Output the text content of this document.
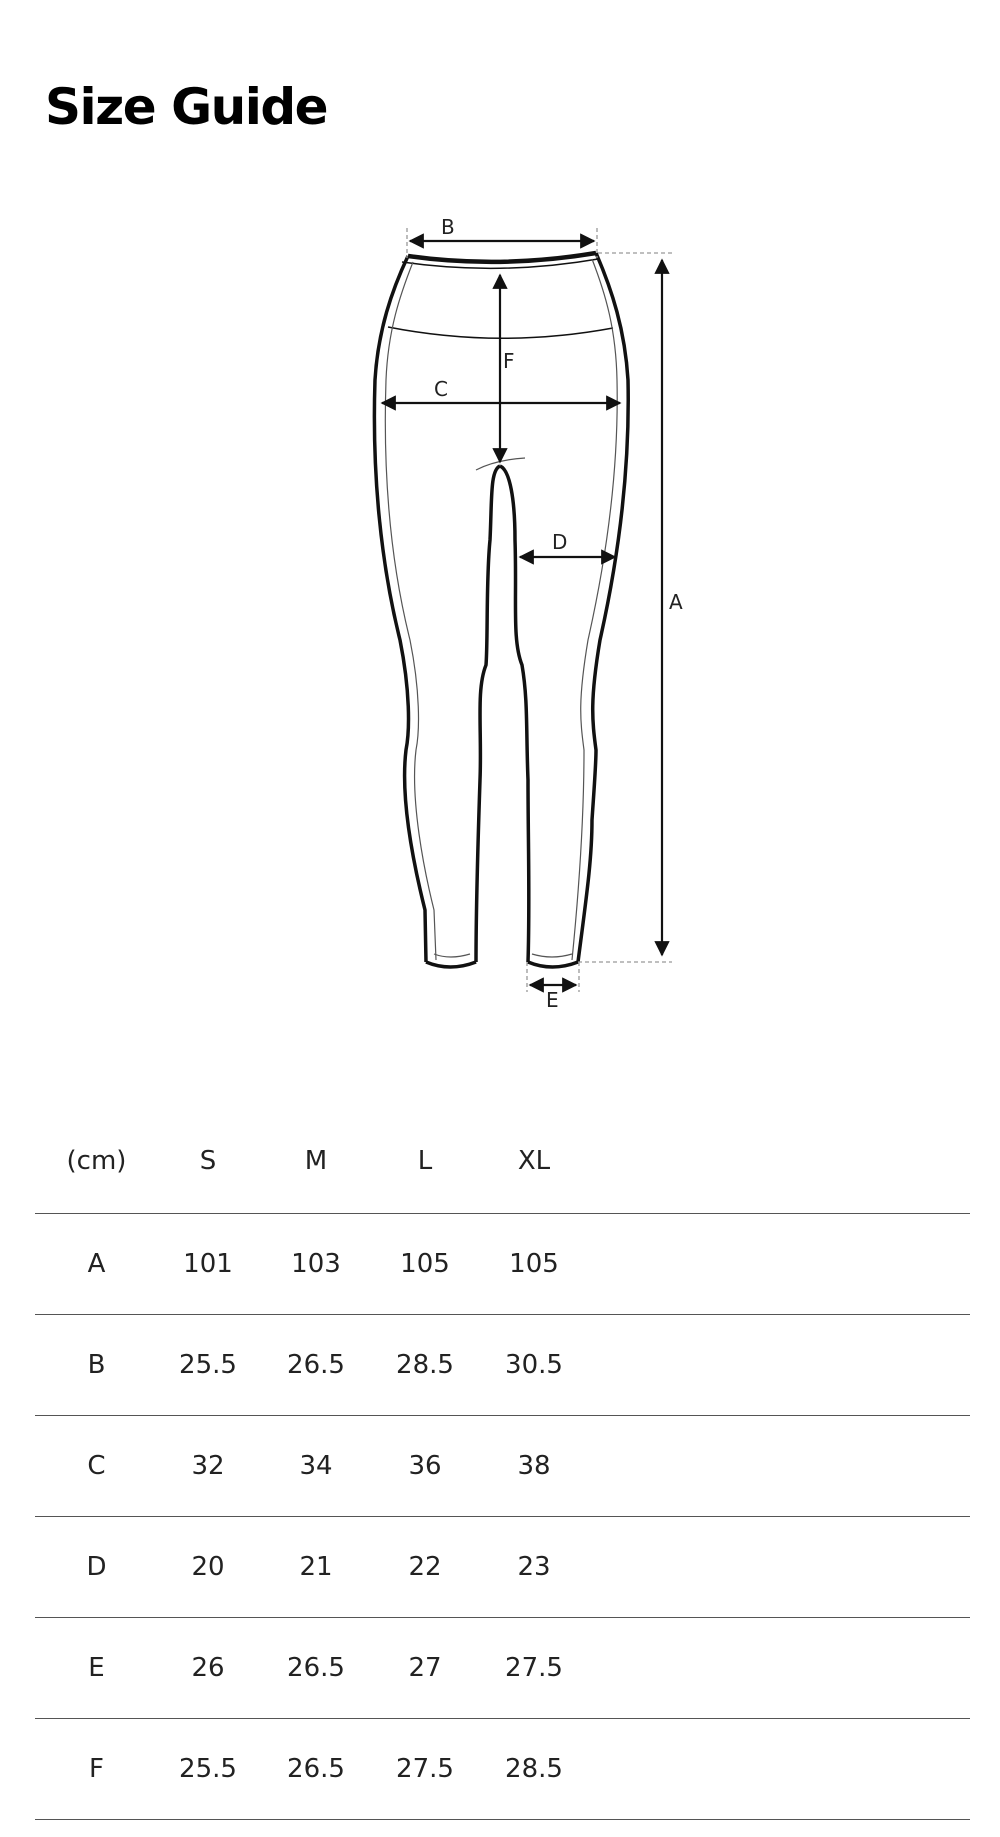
Size Guide
B
C
F
D
A
E
(cm)	S	M	L	XL	
A	101	103	105	105	
B	25.5	26.5	28.5	30.5	
C	32	34	36	38	
D	20	21	22	23	
E	26	26.5	27	27.5	
F	25.5	26.5	27.5	28.5	
